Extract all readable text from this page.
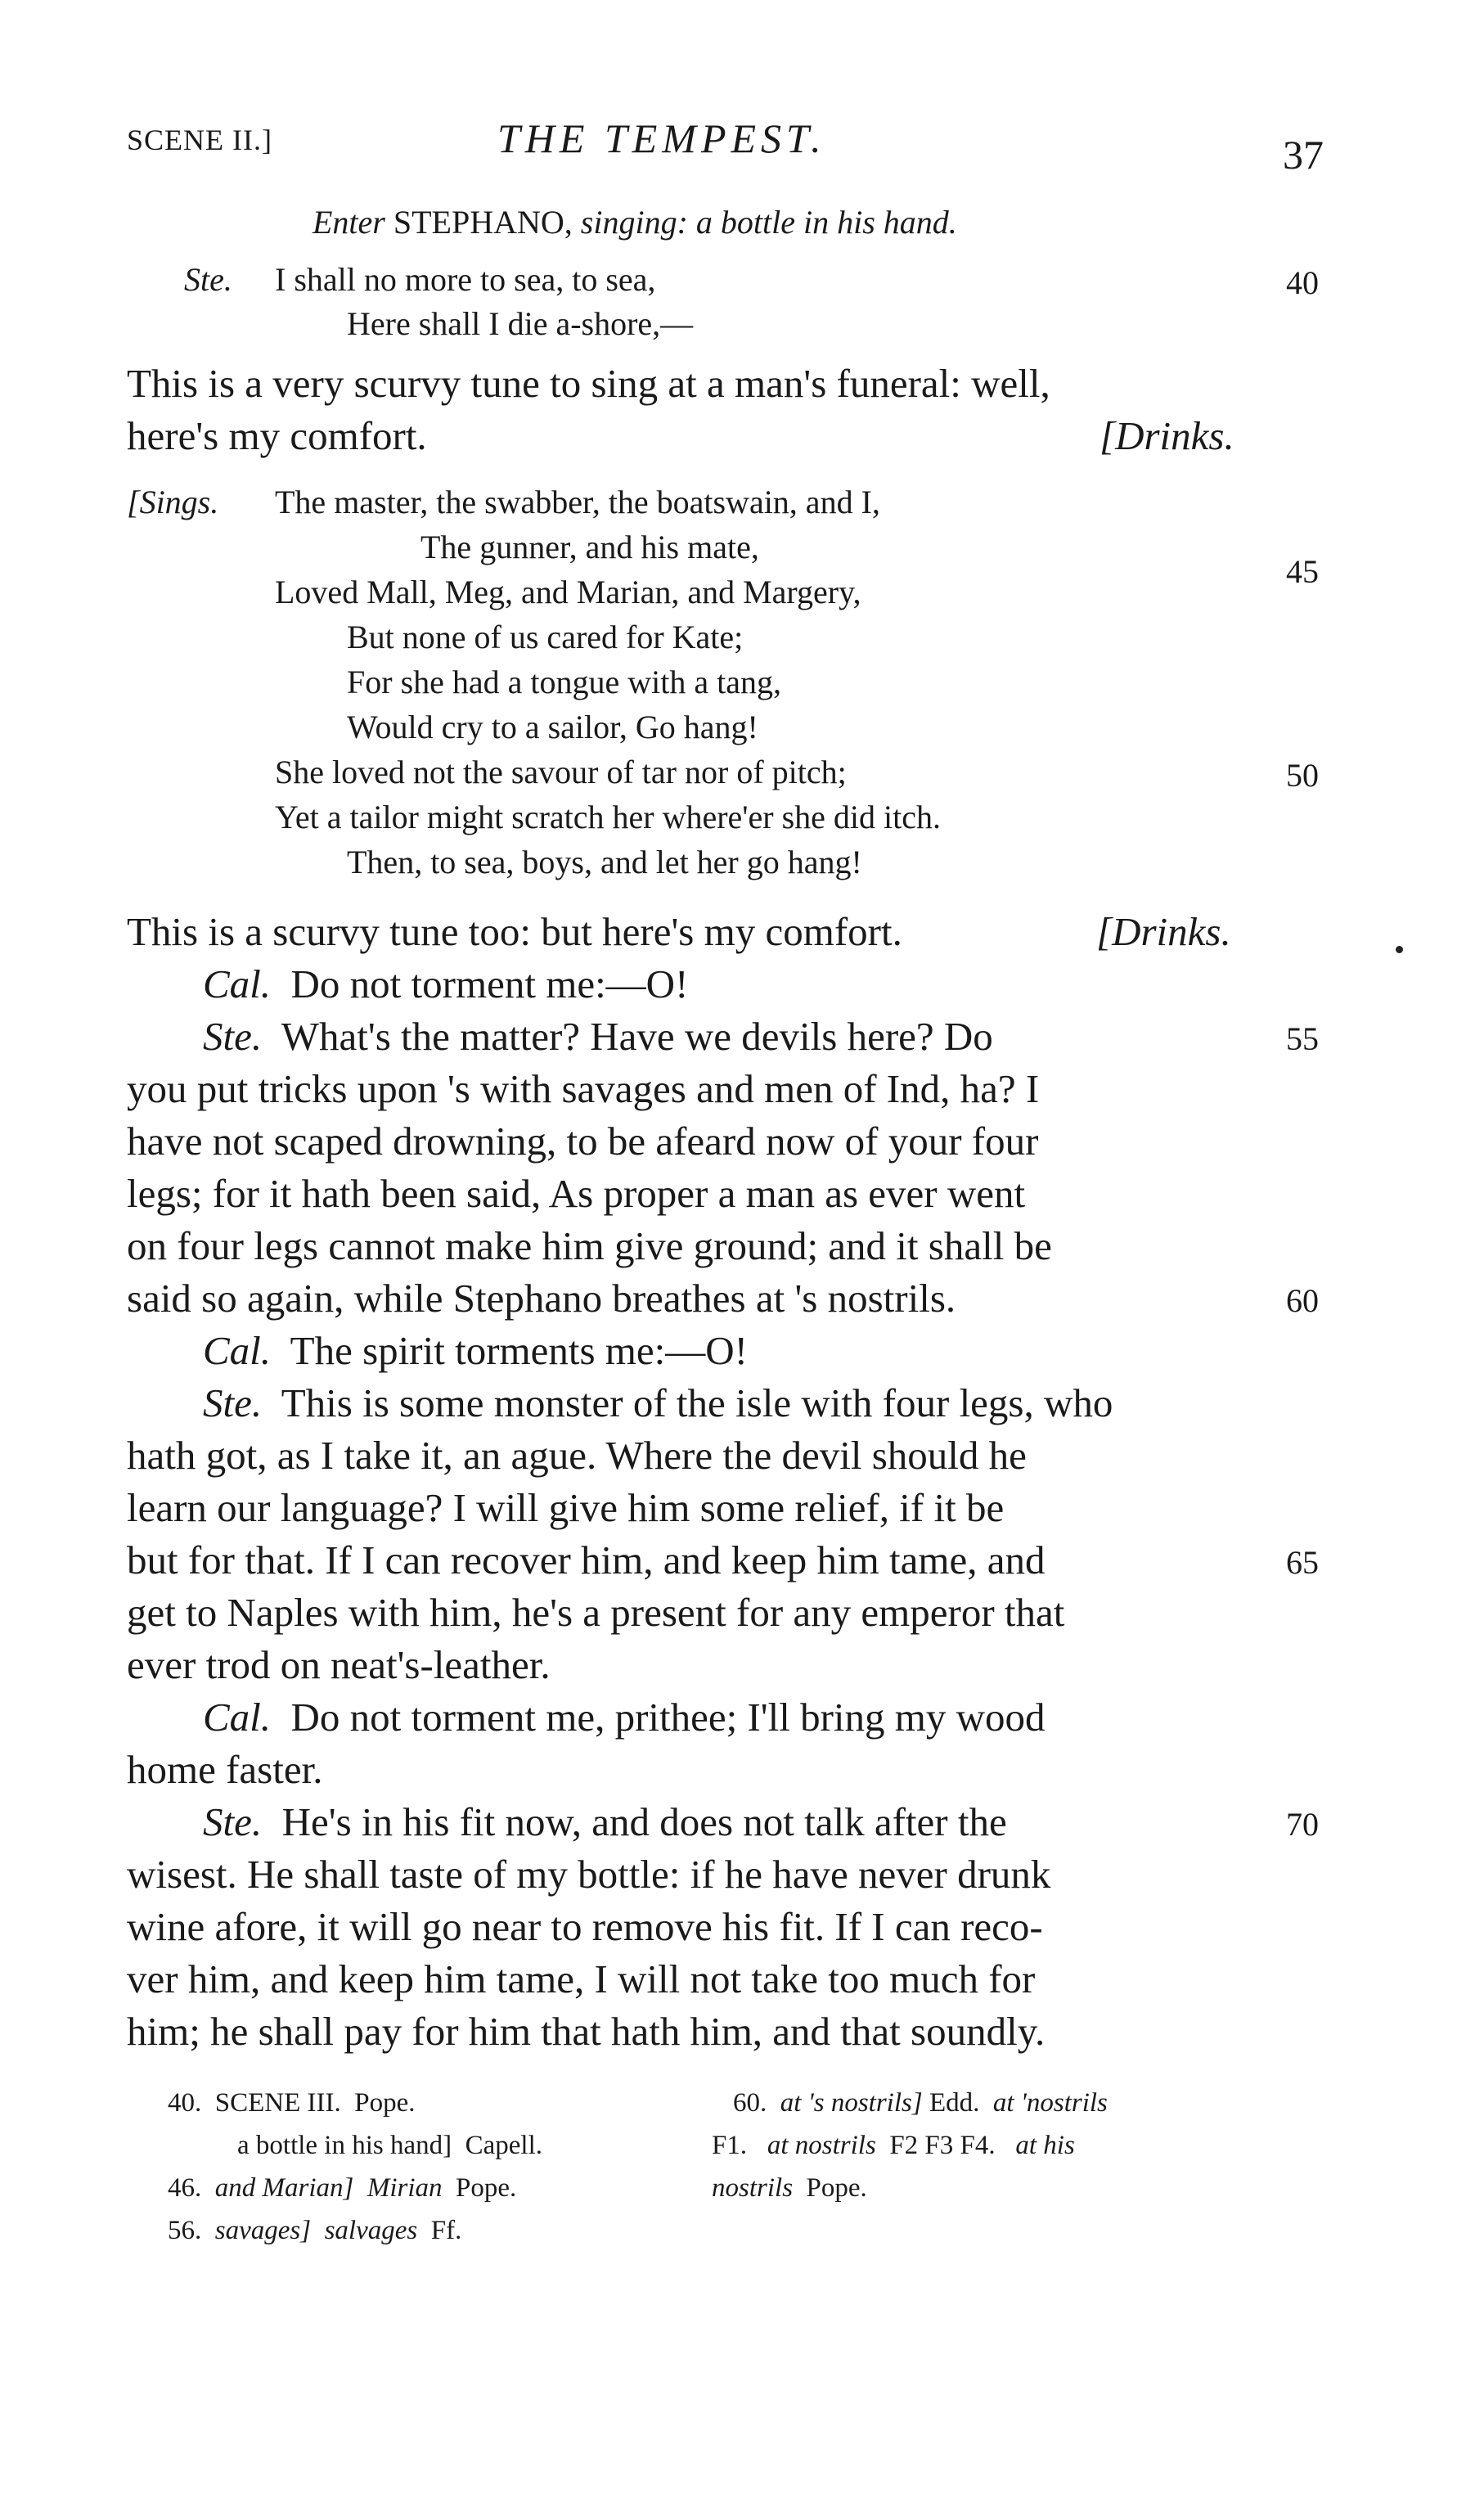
SCENE II.]	THE TEMPEST.	37
Enter STEPHANO, singing: a bottle in his hand.
Ste. I shall no more to sea, to sea,
Here shall I die a-shore,—
40
This is a very scurvy tune to sing at a man's funeral: well,
here's my comfort.	[Drinks.
[Sings. The master, the swabber, the boatswain, and I,
The gunner, and his mate,
Loved Mall, Meg, and Marian, and Margery,
But none of us cared for Kate;
For she had a tongue with a tang,
Would cry to a sailor, Go hang!
She loved not the savour of tar nor of pitch;
Yet a tailor might scratch her where'er she did itch.
Then, to sea, boys, and let her go hang!
45
50
This is a scurvy tune too: but here's my comfort.	[Drinks.
Cal. Do not torment me:—O!
Ste. What's the matter? Have we devils here? Do	55
you put tricks upon 's with savages and men of Ind, ha? I
have not scaped drowning, to be afeard now of your four
legs; for it hath been said, As proper a man as ever went
on four legs cannot make him give ground; and it shall be
said so again, while Stephano breathes at 's nostrils.	60
Cal. The spirit torments me:—O!
Ste. This is some monster of the isle with four legs, who
hath got, as I take it, an ague. Where the devil should he
learn our language? I will give him some relief, if it be
but for that. If I can recover him, and keep him tame, and	65
get to Naples with him, he's a present for any emperor that
ever trod on neat's-leather.
Cal. Do not torment me, prithee; I'll bring my wood
home faster.
Ste. He's in his fit now, and does not talk after the	70
wisest. He shall taste of my bottle: if he have never drunk
wine afore, it will go near to remove his fit. If I can reco-
ver him, and keep him tame, I will not take too much for
him; he shall pay for him that hath him, and that soundly.
40. SCENE III. Pope.
a bottle in his hand] Capell.
46. and Marian] Mirian Pope.
56. savages] salvages Ff.
60. at 's nostrils] Edd. at 'nostrils
F1. at nostrils F2 F3 F4. at his
nostrils Pope.
